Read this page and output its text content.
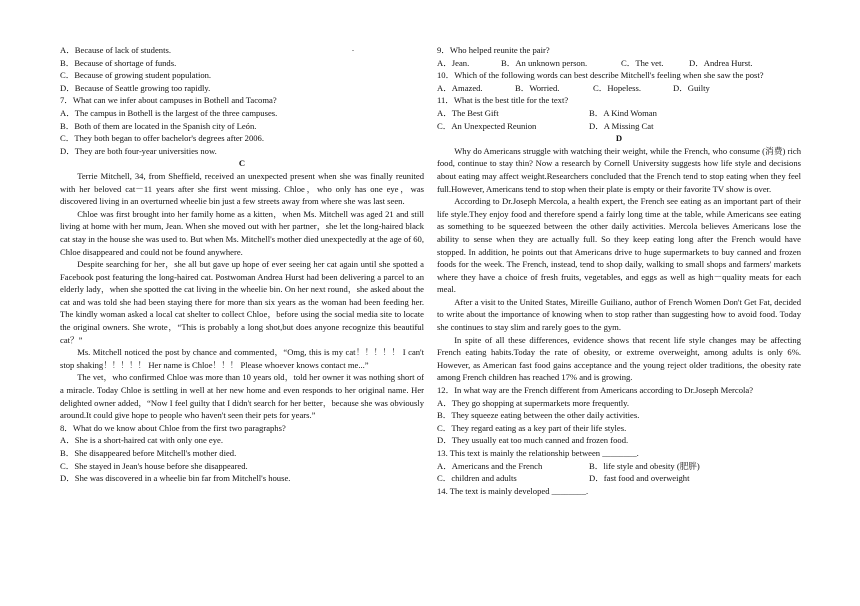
.
A．Because of lack of students.
B．Because of shortage of funds.
C．Because of growing student population.
D．Because of Seattle growing too rapidly.
7．What can we infer about campuses in Bothell and Tacoma?
A．The campus in Bothell is the largest of the three campuses.
B．Both of them are located in the Spanish city of León.
C．They both began to offer bachelor's degrees after 2006.
D．They are both four-year universities now.
C

Terrie Mitchell, 34, from Sheffield, received an unexpected present when she was finally reunited with her beloved cat－11 years after she first went missing. Chloe，who only has one eye，was discovered living in an overturned wheelie bin just a few streets away from where she was last seen.

Chloe was first brought into her family home as a kitten，when Ms. Mitchell was aged 21 and still living at home with her mum, Jean. When she moved out with her partner，she let the long-haired black cat stay in the house she was used to. But when Ms. Mitchell's mother died unexpectedly at the age of 60, Chloe disappeared and could not be found anywhere.

Despite searching for her，she all but gave up hope of ever seeing her cat again until she spotted a Facebook post featuring the long-haired cat. Postwoman Andrea Hurst had been delivering a parcel to an elderly lady，when she spotted the cat living in the wheelie bin. On her next round，she asked about the cat and was told she had been staying there for more than six years as the woman had been feeding her. The kindly woman asked a local cat shelter to collect Chloe，before using the social media site to locate the original owners. She wrote，“This is probably a long shot,but does anyone recognize this beautiful cat？”

Ms. Mitchell noticed the post by chance and commented，“Omg, this is my cat！！！！！ I can't stop shaking！！！！！ Her name is Chloe！！！ Please whoever knows contact me...”

The vet，who confirmed Chloe was more than 10 years old，told her owner it was nothing short of a miracle. Today Chloe is settling in well at her new home and even responds to her original name. Her delighted owner added，“Now I feel guilty that I didn't search for her better，because she was obviously around.It could give hope to people who haven't seen their pets for years.”

8．What do we know about Chloe from the first two paragraphs?
A．She is a short-haired cat with only one eye.
B．She disappeared before Mitchell's mother died.
C．She stayed in Jean's house before she disappeared.
D．She was discovered in a wheelie bin far from Mitchell's house.
9．Who helped reunite the pair?
A．Jean.	B．An unknown person.	C．The vet.	D．Andrea Hurst.

10．Which of the following words can best describe Mitchell's feeling when she saw the post?

A．Amazed.	B．Worried.	C．Hopeless.	D．Guilty
11．What is the best title for the text?
A．The Best Gift	B．A Kind Woman
C．An Unexpected Reunion	D．A Missing Cat
D

Why do Americans struggle with watching their weight, while the French, who consume (消费) rich food, continue to stay thin? Now a research by Cornell University suggests how life style and decisions about eating may affect weight.Researchers concluded that the French tend to stop eating when they feel full.However, Americans tend to stop when their plate is empty or their favorite TV show is over.

According to Dr.Joseph Mercola, a health expert, the French see eating as an important part of their life style.They enjoy food and therefore spend a fairly long time at the table, while Americans see eating as something to be squeezed between the other daily activities. Mercola believes Americans lose the ability to sense when they are actually full. So they keep eating long after the French would have stopped. In addition, he points out that Americans drive to huge supermarkets to buy canned and frozen foods for the week. The French, instead, tend to shop daily, walking to small shops and farmers' markets where they have a choice of fresh fruits, vegetables, and eggs as well as high－quality meats for each meal.

After a visit to the United States, Mireille Guiliano, author of French Women Don't Get Fat, decided to write about the importance of knowing when to stop rather than suggesting how to avoid food. Today she continues to stay slim and rarely goes to the gym.

In spite of all these differences, evidence shows that recent life style changes may be affecting French eating habits.Today the rate of obesity, or extreme overweight, among adults is only 6%. However, as American fast food gains acceptance and the young reject older traditions, the obesity rate among French children has reached 17% and is growing.

12．In what way are the French different from Americans according to Dr.Joseph Mercola?

A．They go shopping at supermarkets more frequently.
B．They squeeze eating between the other daily activities.
C．They regard eating as a key part of their life styles.
D．They usually eat too much canned and frozen food.
13. This text is mainly the relationship between ________.
A．Americans and the French	B．life style and obesity (肥胖)
C．children and adults	D．fast food and overweight
14. The text is mainly developed ________.
